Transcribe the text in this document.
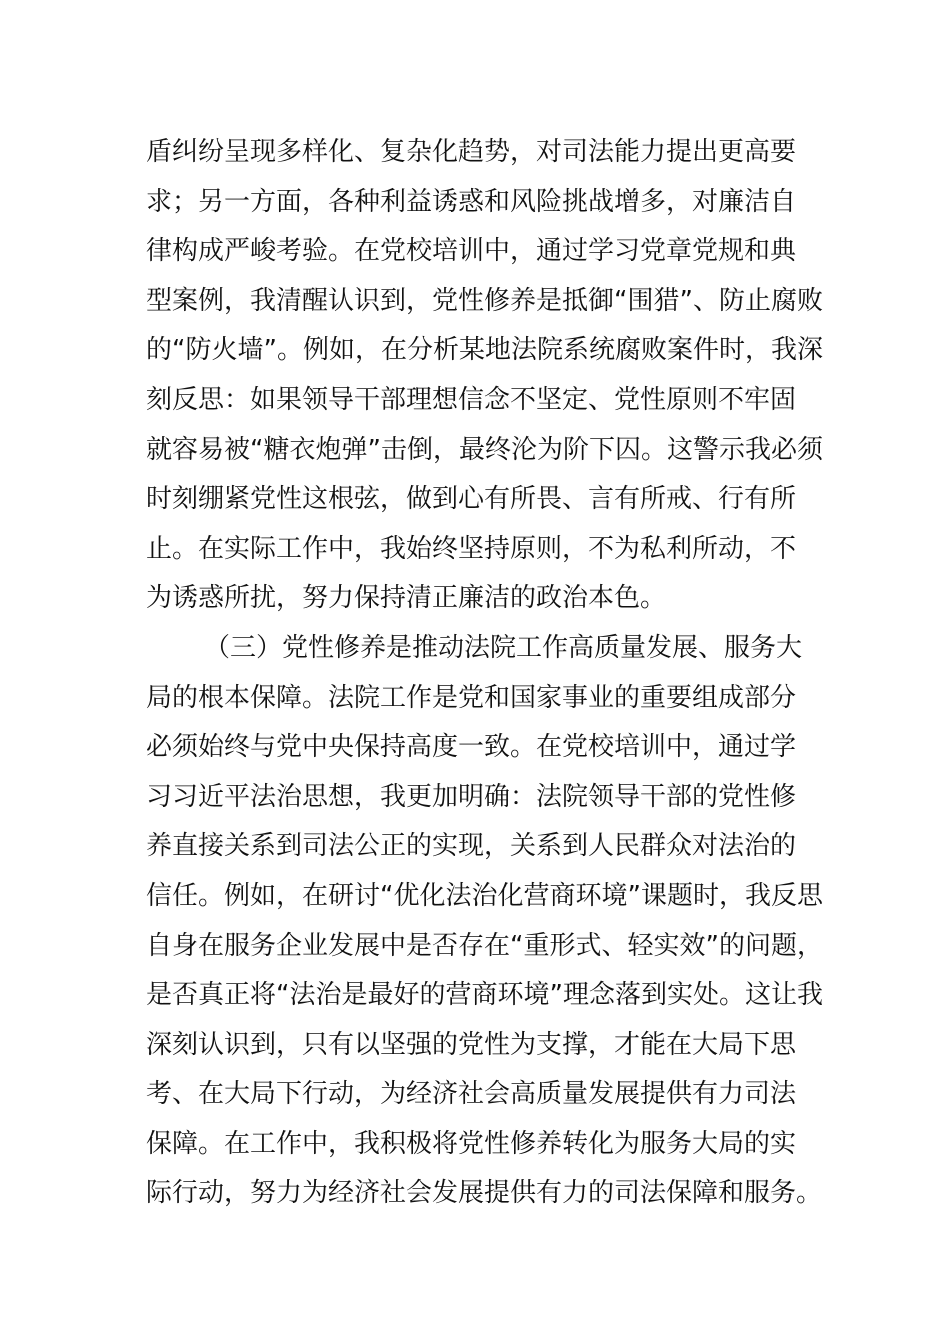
盾纠纷呈现多样化、复杂化趋势，对司法能力提出更高要
求；另一方面，各种利益诱惑和风险挑战增多，对廉洁自
律构成严峻考验。在党校培训中，通过学习党章党规和典
型案例，我清醒认识到，党性修养是抵御“围猎”、防止腐败
的“防火墙”。例如，在分析某地法院系统腐败案件时，我深
刻反思：如果领导干部理想信念不坚定、党性原则不牢固
就容易被“糖衣炮弹”击倒，最终沦为阶下囚。这警示我必须
时刻绷紧党性这根弦，做到心有所畏、言有所戒、行有所
止。在实际工作中，我始终坚持原则，不为私利所动，不
为诱惑所扰，努力保持清正廉洁的政治本色。
（三）党性修养是推动法院工作高质量发展、服务大
局的根本保障。法院工作是党和国家事业的重要组成部分
必须始终与党中央保持高度一致。在党校培训中，通过学
习习近平法治思想，我更加明确：法院领导干部的党性修
养直接关系到司法公正的实现，关系到人民群众对法治的
信任。例如，在研讨“优化法治化营商环境”课题时，我反思
自身在服务企业发展中是否存在“重形式、轻实效”的问题，
是否真正将“法治是最好的营商环境”理念落到实处。这让我
深刻认识到，只有以坚强的党性为支撑，才能在大局下思
考、在大局下行动，为经济社会高质量发展提供有力司法
保障。在工作中，我积极将党性修养转化为服务大局的实
际行动，努力为经济社会发展提供有力的司法保障和服务。
